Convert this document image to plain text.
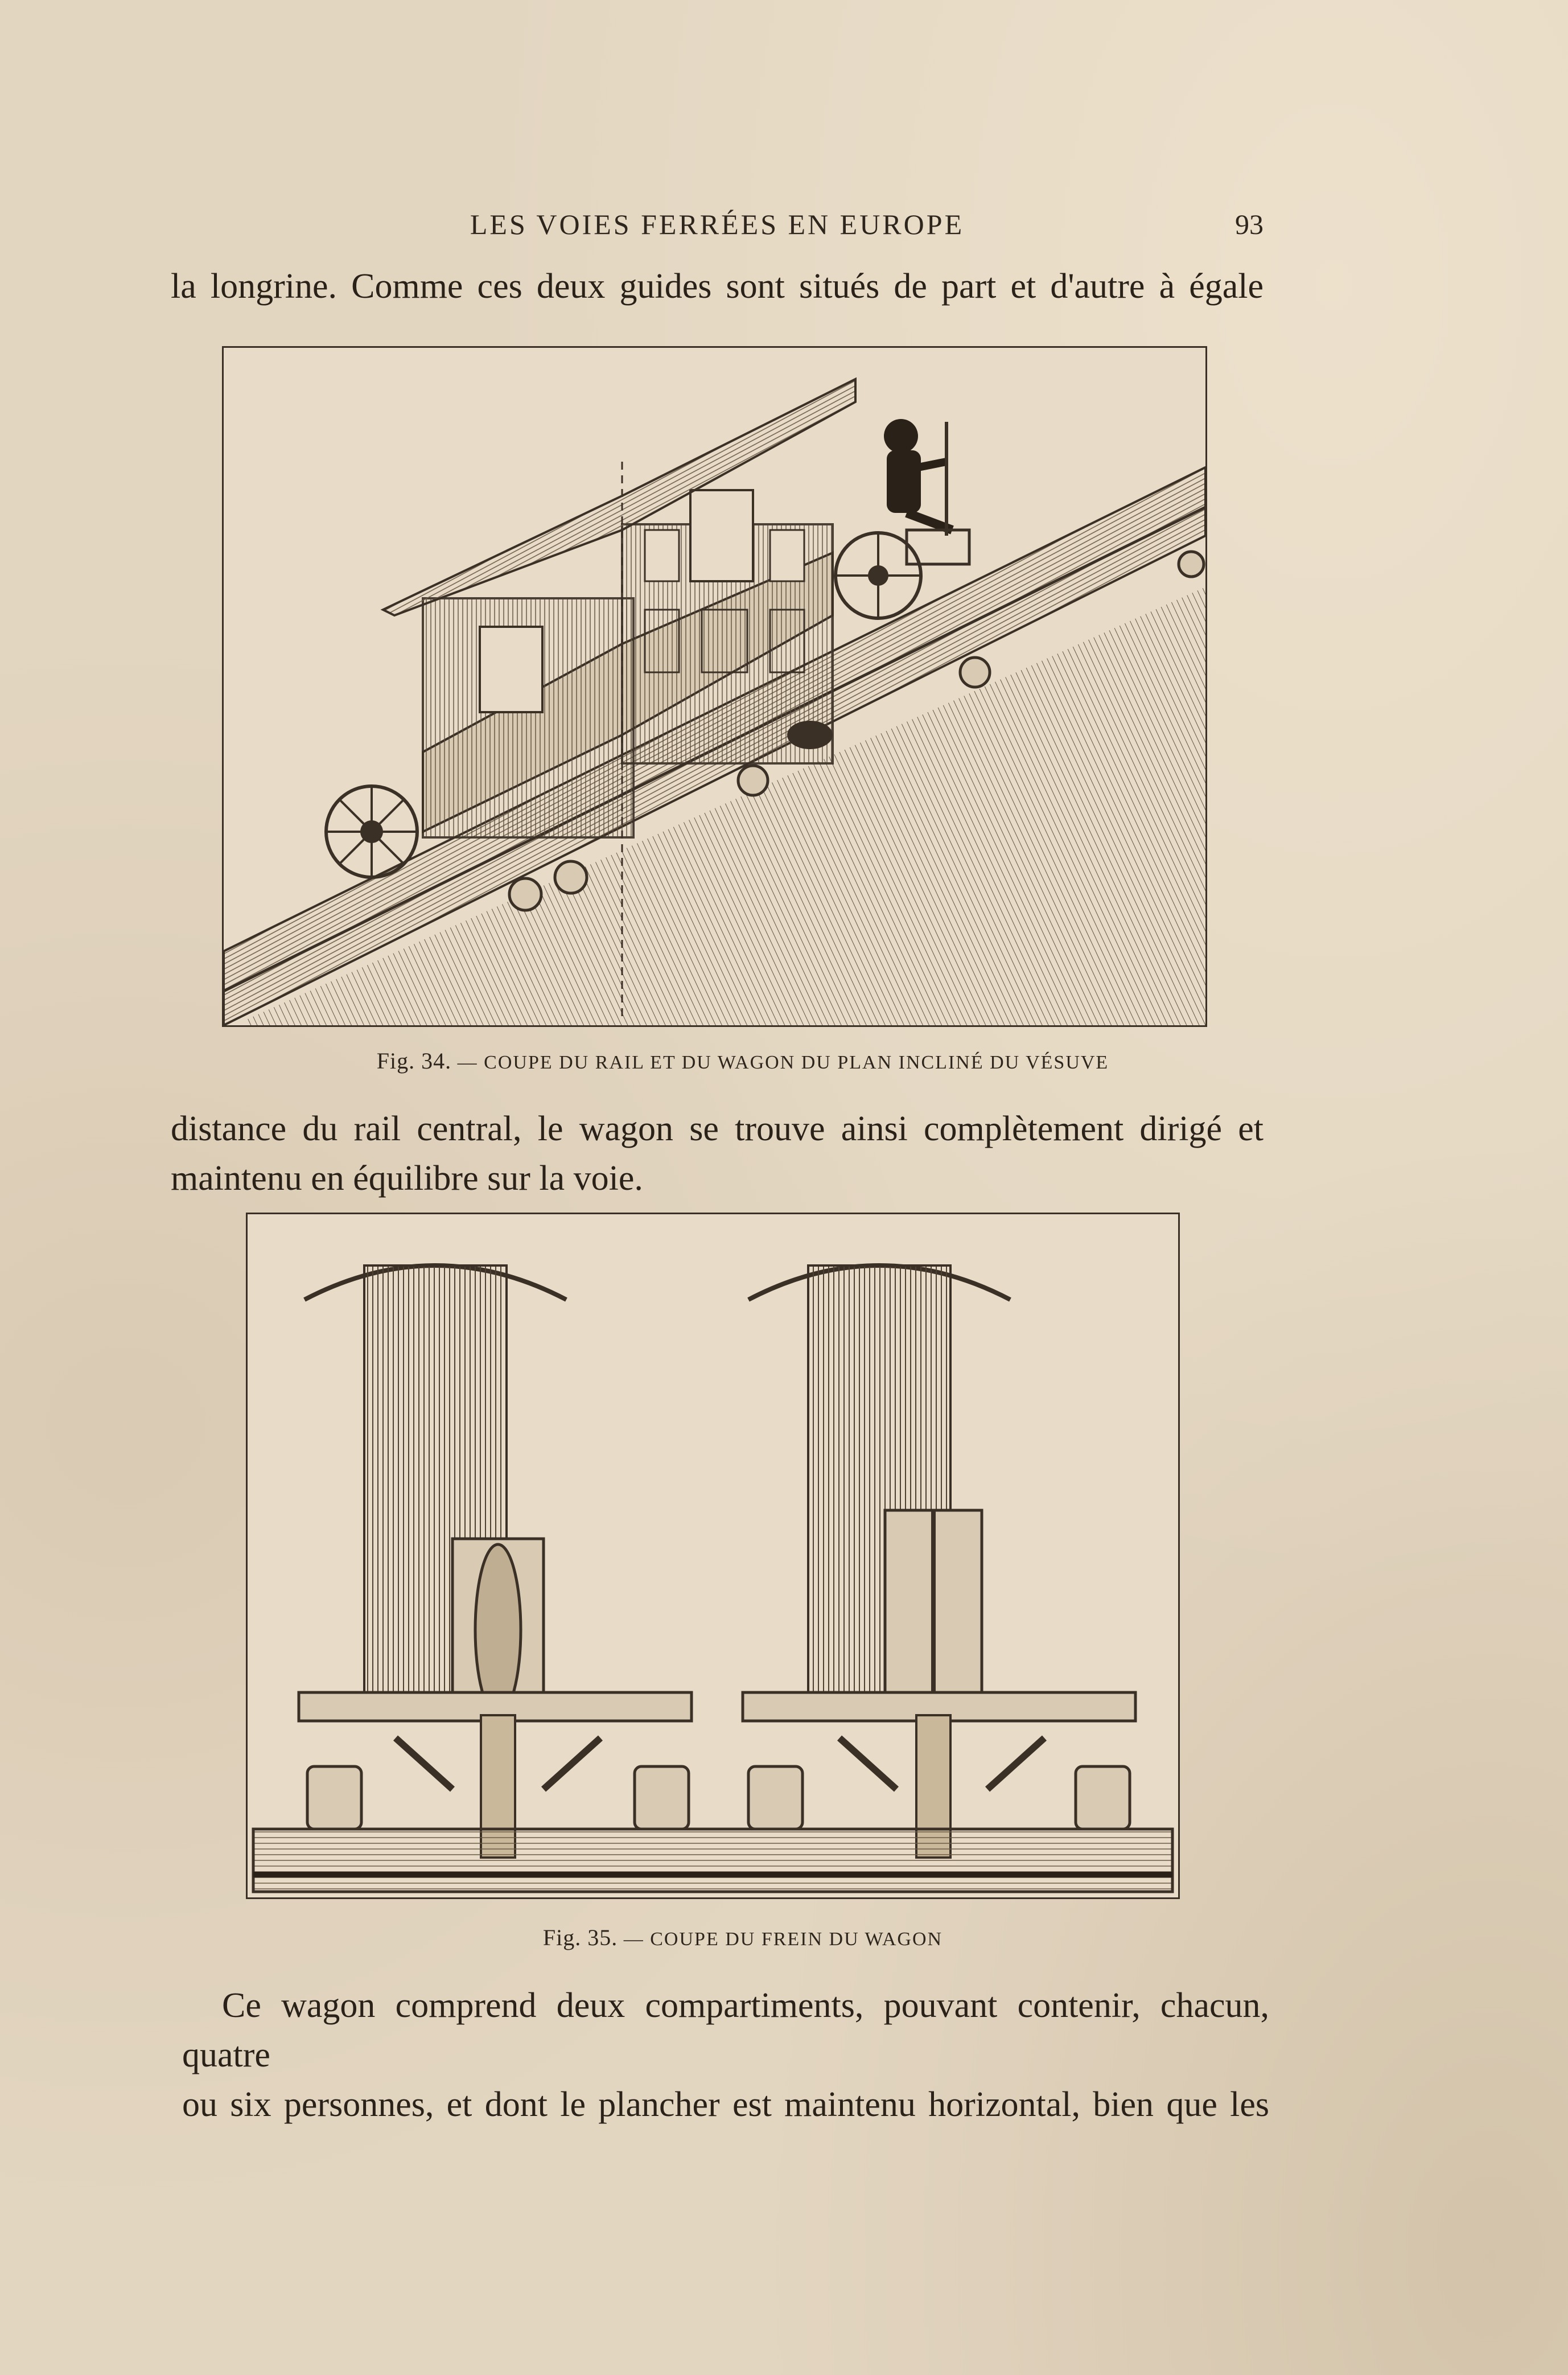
LES VOIES FERRÉES EN EUROPE	93
la longrine. Comme ces deux guides sont situés de part et d'autre à égale
Fig. 34. — COUPE DU RAIL ET DU WAGON DU PLAN INCLINÉ DU VÉSUVE
distance du rail central, le wagon se trouve ainsi complètement dirigé et
maintenu en équilibre sur la voie.
Fig. 35. — COUPE DU FREIN DU WAGON
Ce wagon comprend deux compartiments, pouvant contenir, chacun, quatre
ou six personnes, et dont le plancher est maintenu horizontal, bien que les
